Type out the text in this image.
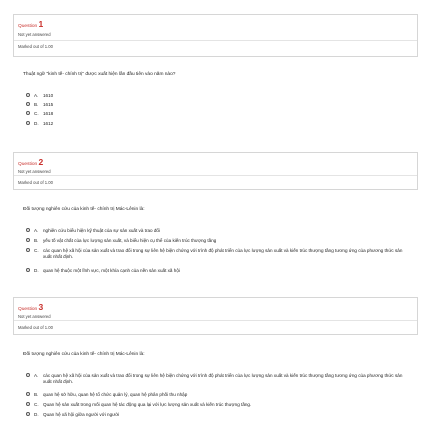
Question 1
Not yet answered
Marked out of 1.00
Thuật ngữ "kinh tế- chính trị" được xuất hiện lần đầu tiên vào năm nào?
A. 1610
B. 1615
C. 1618
D. 1612
Question 2
Not yet answered
Marked out of 1.00
Đối tượng nghiên cứu của kinh tế- chính trị Mác-Lênin là:
A. nghiên cứu biểu hiện kỹ thuật của sự sản xuất và trao đổi
B. yếu tố vật chất của lực lượng sản xuất, và biểu hiện cụ thể của kiến trúc thượng tầng
C. các quan hệ xã hội của sản xuất và trao đổi trong sự liên hệ biện chứng với trình độ phát triển của lực lượng sản xuất và kiến trúc thượng tầng tương ứng của phương thức sản xuất nhất định.
D. quan hệ thuộc một lĩnh vực, một khía cạnh của nền sản xuất xã hội
Question 3
Not yet answered
Marked out of 1.00
Đối tượng nghiên cứu của kinh tế- chính trị Mác-Lênin là:
A. các quan hệ xã hội của sản xuất và trao đổi trong sự liên hệ biện chứng với trình độ phát triển của lực lượng sản xuất và kiến trúc thượng tầng tương ứng của phương thức sản xuất nhất định.
B. quan hệ sở hữu, quan hệ tổ chức quản lý, quan hệ phân phối thu nhập
C. Quan hệ sản xuất trong mối quan hệ tác động qua lại với lực lượng sản xuất và kiến trúc thượng tầng.
D. Quan hệ xã hội giữa người với người
